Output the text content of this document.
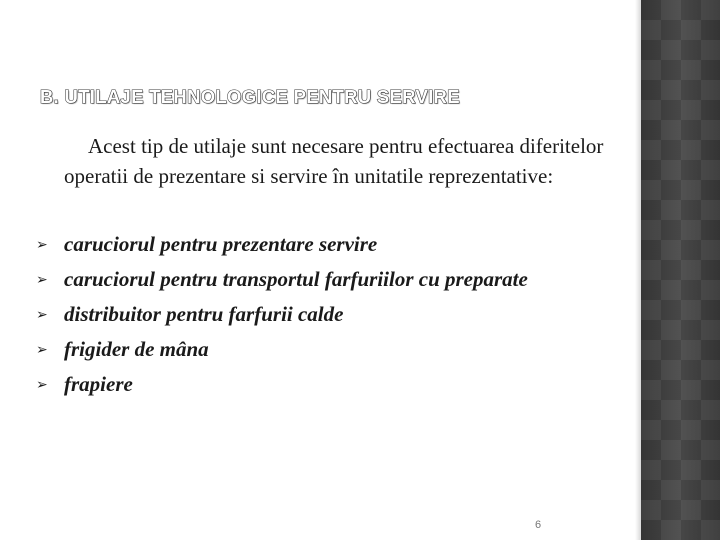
B. UTILAJE TEHNOLOGICE PENTRU SERVIRE
Acest tip de utilaje sunt necesare pentru efectuarea diferitelor operatii de prezentare si servire în unitatile reprezentative:
➢ caruciorul pentru prezentare servire
➢ caruciorul pentru transportul farfuriilor cu preparate
➢ distribuitor pentru farfurii calde
➢ frigider de mâna
➢ frapiere
6
